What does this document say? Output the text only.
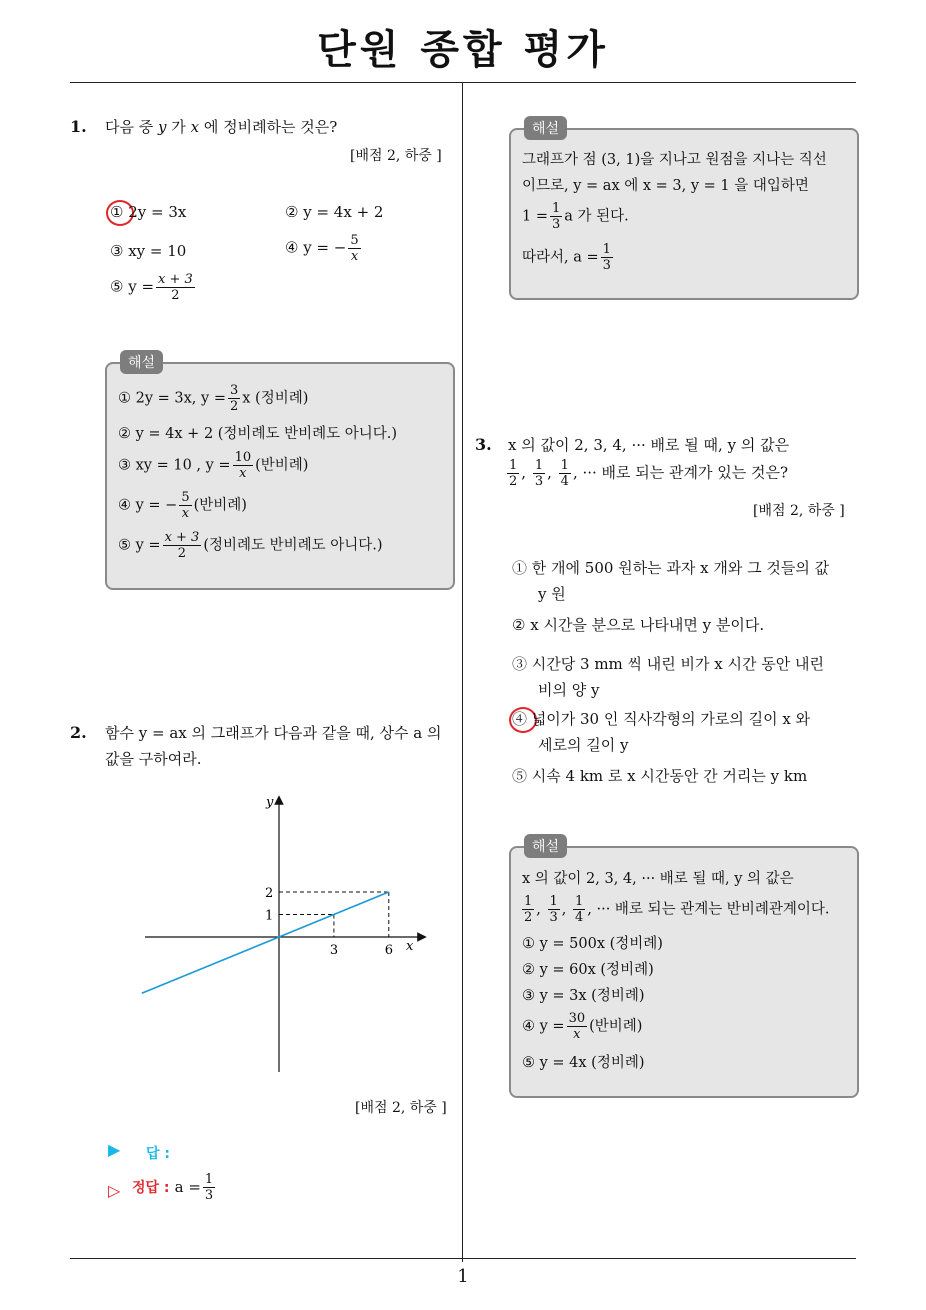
단원 종합 평가
1
1. 다음 중 y 가 x 에 정비례하는 것은?
[배점 2, 하중 ]
① 2y = 3x	② y = 4x + 2
③ xy = 10	④ y = − $\frac{5}{x}$
⑤ $y = \frac{x + 3}{2}$
해설
① 2y = 3x, $y = \frac{3}{2}$ x (정비례)
② y = 4x + 2 (정비례도 반비례도 아니다.)
③ xy = 10 , $y = \frac{10}{x}$ (반비례)
④ y = − $\frac{5}{x}$ (반비례)
⑤ $y = \frac{x + 3}{2}$ (정비례도 반비례도 아니다.)
2. 함수 y = ax 의 그래프가 다음과 같을 때, 상수 a 의
값을 구하여라.
x
y
3	6
1
2
[배점 2, 하중 ]
▶ 답 :
▷ 정답 : $a = \frac{1}{3}$
해설
그래프가 점 (3, 1)을 지나고 원점을 지나는 직선
이므로, y = ax 에 x = 3, y = 1 을 대입하면
$1 = \frac{1}{3}$ a 가 된다.
따라서, $a = \frac{1}{3}$
3. x 의 값이 2, 3, 4, ··· 배로 될 때, y 의 값은
$\frac{1}{2}$ , $\frac{1}{3}$ , $\frac{1}{4}$ , ··· 배로 되는 관계가 있는 것은?
[배점 2, 하중 ]
① 한 개에 500 원하는 과자 x 개와 그 것들의 값
y 원
② x 시간을 분으로 나타내면 y 분이다.
③ 시간당 3 mm 씩 내린 비가 x 시간 동안 내린
비의 양 y
④ 넓이가 30 인 직사각형의 가로의 길이 x 와
세로의 길이 y
⑤ 시속 4 km 로 x 시간동안 간 거리는 y km
해설
x 의 값이 2, 3, 4, ··· 배로 될 때, y 의 값은
$\frac{1}{2}$ , $\frac{1}{3}$ , $\frac{1}{4}$ , ··· 배로 되는 관계는 반비례관계이다.
① y = 500x (정비례)
② y = 60x (정비례)
③ y = 3x (정비례)
④ $y = \frac{30}{x}$ (반비례)
⑤ y = 4x (정비례)
